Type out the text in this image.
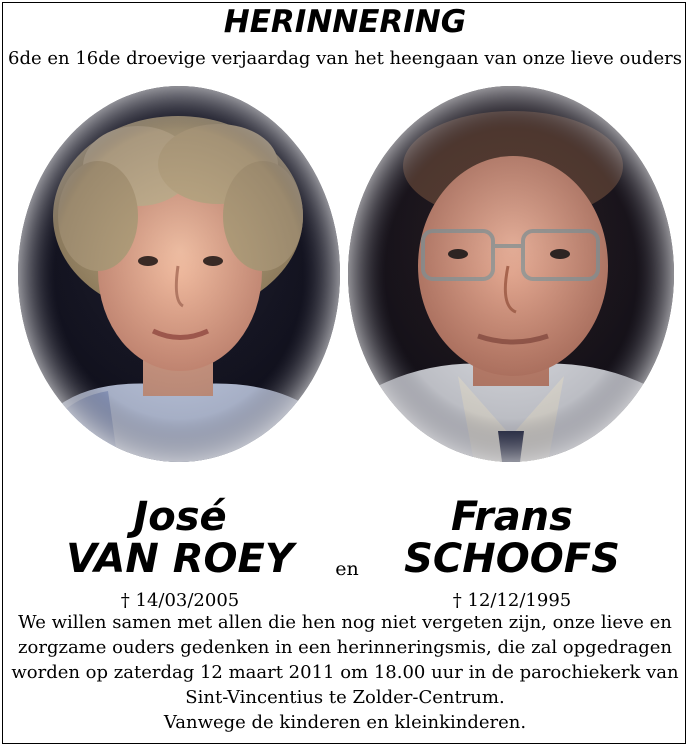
HERINNERING
6de en 16de droevige verjaardag van het heengaan van onze lieve ouders
José
VAN ROEY	en
Frans
SCHOOFS
† 14/03/2005	† 12/12/1995
We willen samen met allen die hen nog niet vergeten zijn, onze lieve en
zorgzame ouders gedenken in een herinneringsmis, die zal opgedragen
worden op zaterdag 12 maart 2011 om 18.00 uur in de parochiekerk van
Sint-Vincentius te Zolder-Centrum.
Vanwege de kinderen en kleinkinderen.
